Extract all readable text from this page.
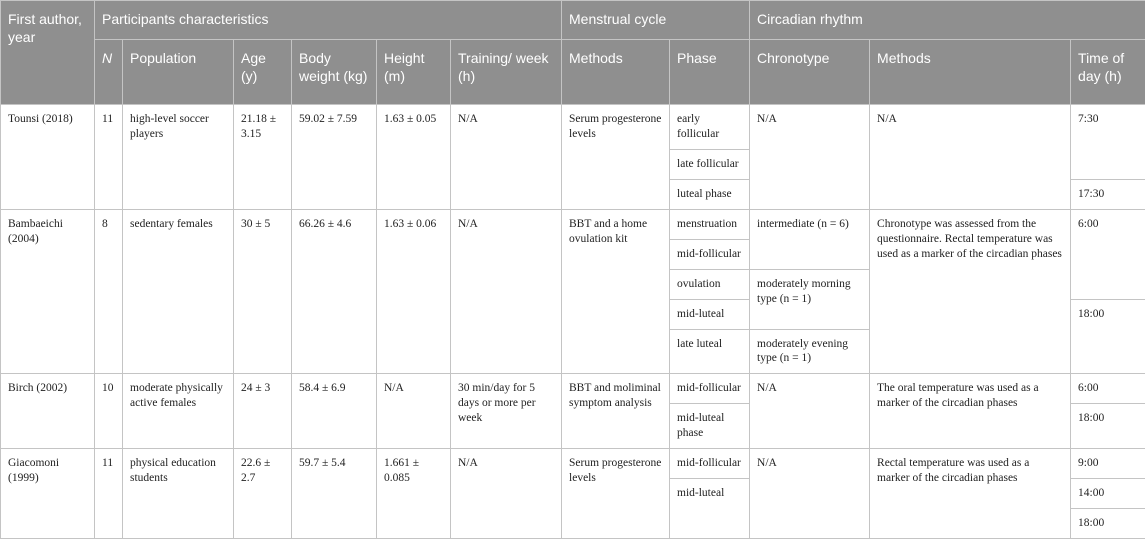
First author, year	Participants characteristics						Menstrual cycle		Circadian rhythm		
	N	Population	Age (y)	Body weight (kg)	Height (m)	Training/ week (h)	Methods	Phase	Chronotype	Methods	Time of day (h)
Tounsi (2018)	11	high-level soccer players	21.18 ± 3.15	59.02 ± 7.59	1.63 ± 0.05	N/A	Serum progesterone levels	early follicular	N/A	N/A	7:30

								late follicular			

								luteal phase			17:30

Bambaeichi (2004)	8	sedentary females	30 ± 5	66.26 ± 4.6	1.63 ± 0.06	N/A	BBT and a home ovulation kit	menstruation	intermediate (n = 6)	Chronotype was assessed from the questionnaire. Rectal temperature was used as a marker of the circadian phases	6:00
								mid-follicular			
								ovulation	moderately morning type (n = 1)		
								mid-luteal			18:00
								late luteal	moderately evening type (n = 1)		

Birch (2002)	10	moderate physically active females	24 ± 3	58.4 ± 6.9	N/A	30 min/day for 5 days or more per week	BBT and moliminal symptom analysis	mid-follicular	N/A	The oral temperature was used as a marker of the circadian phases	6:00
								mid-luteal phase			18:00
Giacomoni (1999)	11	physical education students	22.6 ± 2.7	59.7 ± 5.4	1.661 ± 0.085	N/A	Serum progesterone levels	mid-follicular	N/A	Rectal temperature was used as a marker of the circadian phases	9:00
								mid-luteal			14:00
											18:00
